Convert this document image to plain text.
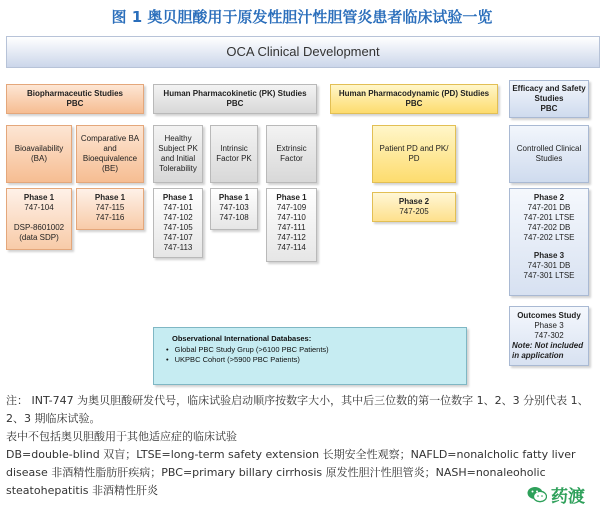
图 1 奥贝胆酸用于原发性胆汁性胆管炎患者临床试验一览
OCA Clinical Development
Biopharmaceutic Studies
PBC
Human Pharmacokinetic (PK) Studies
PBC
Human Pharmacodynamic (PD) Studies
PBC
Efficacy and Safety Studies
PBC
Bioavailability (BA)
Comparative BA and Bioequivalence (BE)
Healthy Subject PK and Initial Tolerability
Intrinsic Factor PK
Extrinsic Factor
Patient PD and PK/ PD
Controlled Clinical Studies
Phase 1
747-104

DSP-8601002
(data SDP)
Phase 1
747-115
747-116
Phase 1
747-101
747-102
747-105
747-107
747-113
Phase 1
747-103
747-108
Phase 1
747-109
747-110
747-111
747-112
747-114
Phase 2
747-205
Phase 2
747-201 DB
747-201 LTSE
747-202 DB
747-202 LTSE
Phase 3
747-301 DB
747-301 LTSE
Outcomes Study
Phase 3
747-302
Note: Not included in application
Observational International Databases:
• Global PBC Study Grup (>6100 PBC Patients)
• UKPBC Cohort (>5900 PBC Patients)

注： INT-747 为奥贝胆酸研发代号，临床试验启动顺序按数字大小，其中后三位数的第一位数字 1、2、3 分别代表 1、2、3 期临床试验。

表中不包括奥贝胆酸用于其他适应症的临床试验

DB=double-blind 双盲；LTSE=long-term safety extension 长期安全性观察；NAFLD=nonalcholic fatty liver disease 非酒精性脂肪肝疾病；PBC=primary billary cirrhosis 原发性胆汁性胆管炎；NASH=nonaleoholic steatohepatitis 非酒精性肝炎	药渡
